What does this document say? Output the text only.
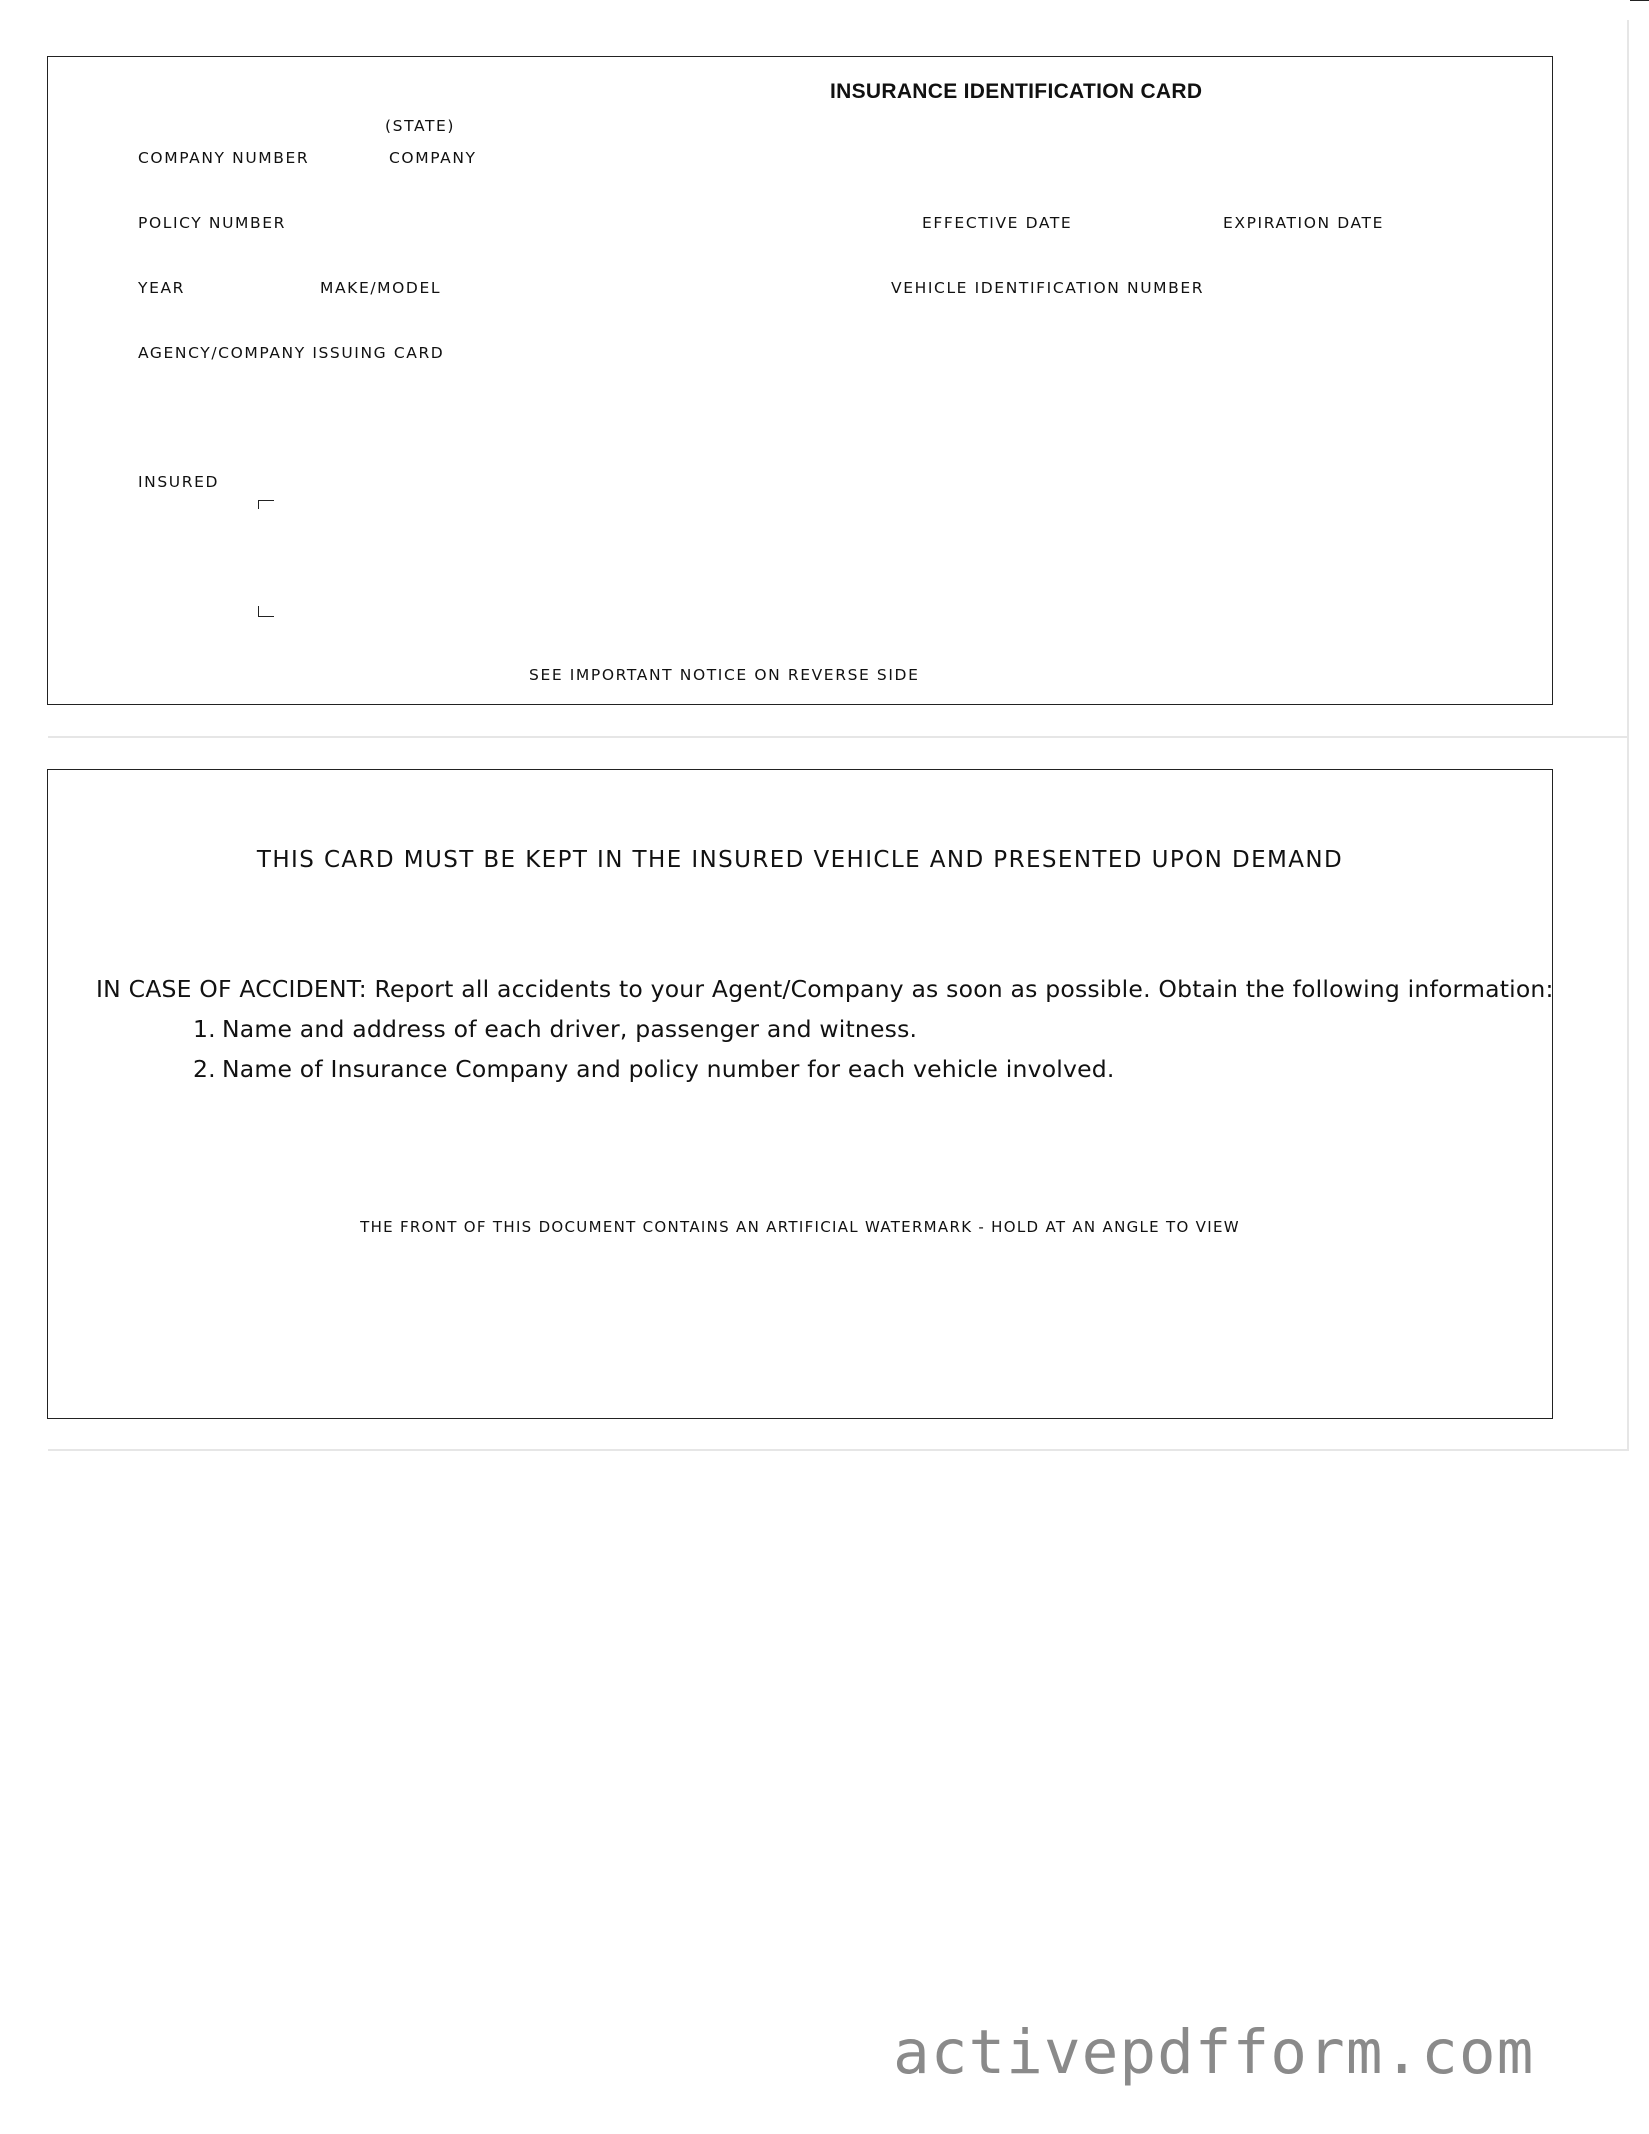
INSURANCE IDENTIFICATION CARD
(STATE)
COMPANY NUMBER	COMPANY
POLICY NUMBER	EFFECTIVE DATE	EXPIRATION DATE
YEAR	MAKE/MODEL	VEHICLE IDENTIFICATION NUMBER
AGENCY/COMPANY ISSUING CARD
INSURED
SEE IMPORTANT NOTICE ON REVERSE SIDE
THIS CARD MUST BE KEPT IN THE INSURED VEHICLE AND PRESENTED UPON DEMAND
IN CASE OF ACCIDENT: Report all accidents to your Agent/Company as soon as possible. Obtain the following information:
1. Name and address of each driver, passenger and witness.
2. Name of Insurance Company and policy number for each vehicle involved.
THE FRONT OF THIS DOCUMENT CONTAINS AN ARTIFICIAL WATERMARK - HOLD AT AN ANGLE TO VIEW
activepdfform.com
